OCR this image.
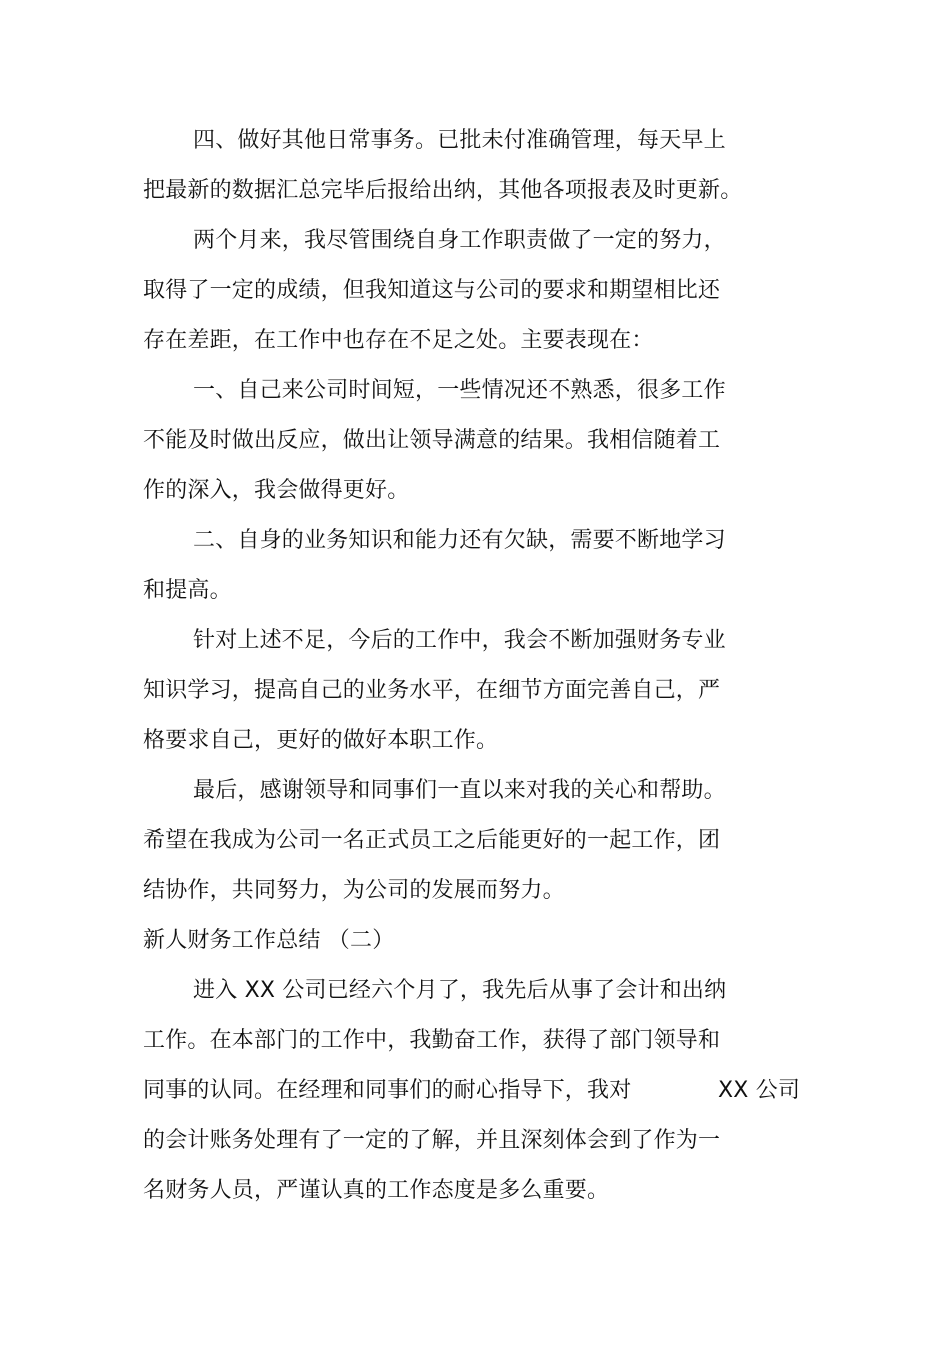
四、做好其他日常事务。已批未付准确管理，每天早上
把最新的数据汇总完毕后报给出纳，其他各项报表及时更新。
两个月来，我尽管围绕自身工作职责做了一定的努力，
取得了一定的成绩，但我知道这与公司的要求和期望相比还
存在差距，在工作中也存在不足之处。主要表现在：
一、自己来公司时间短，一些情况还不熟悉，很多工作
不能及时做出反应，做出让领导满意的结果。我相信随着工
作的深入，我会做得更好。
二、自身的业务知识和能力还有欠缺，需要不断地学习
和提高。
针对上述不足，今后的工作中，我会不断加强财务专业
知识学习，提高自己的业务水平，在细节方面完善自己，严
格要求自己，更好的做好本职工作。
最后，感谢领导和同事们一直以来对我的关心和帮助。
希望在我成为公司一名正式员工之后能更好的一起工作，团
结协作，共同努力，为公司的发展而努力。
新人财务工作总结 （二）
进入 XX 公司已经六个月了，我先后从事了会计和出纳
工作。在本部门的工作中，我勤奋工作，获得了部门领导和
同事的认同。在经理和同事们的耐心指导下，我对	XX 公司
的会计账务处理有了一定的了解，并且深刻体会到了作为一
名财务人员，严谨认真的工作态度是多么重要。
